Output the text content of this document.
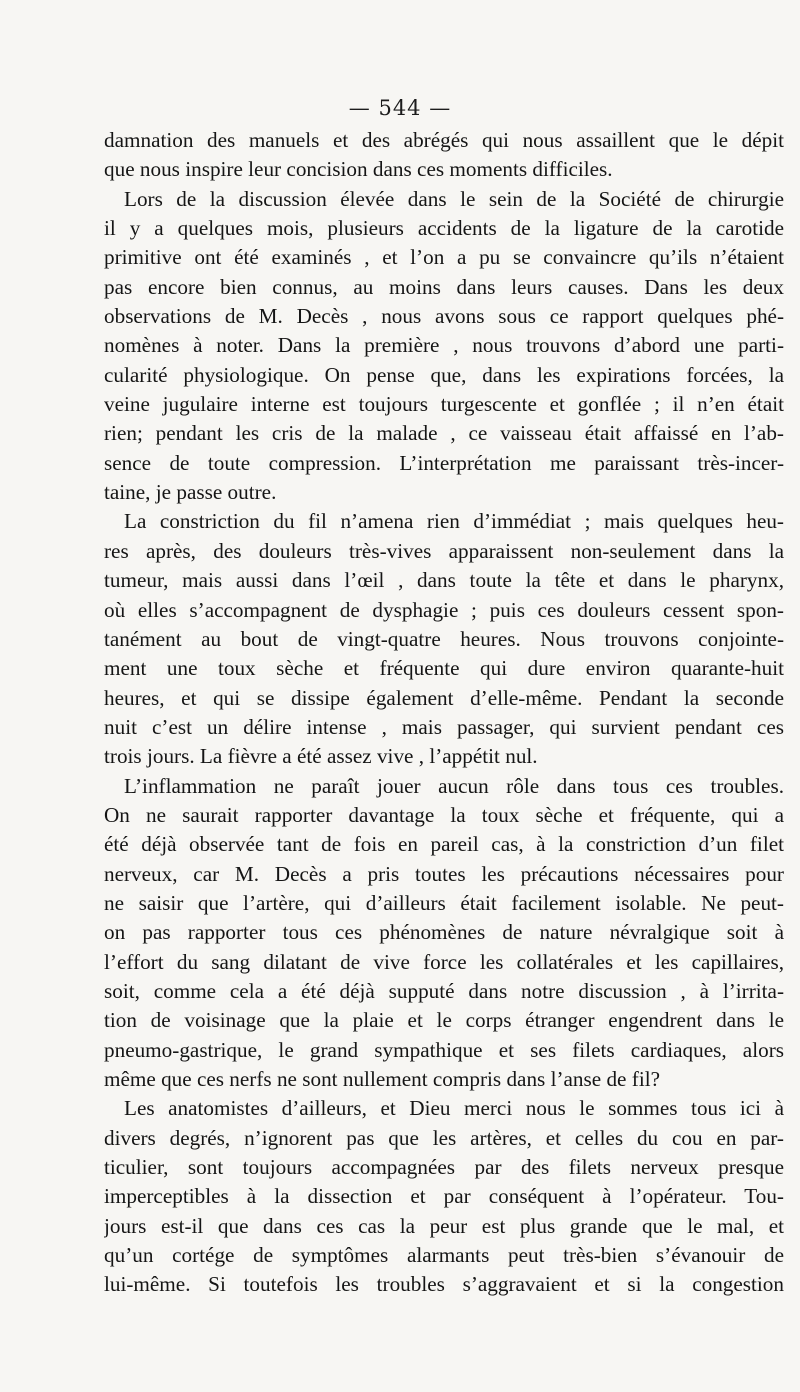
— 544 —
damnation des manuels et des abrégés qui nous assaillent que le dépit
que nous inspire leur concision dans ces moments difficiles.
Lors de la discussion élevée dans le sein de la Société de chirurgie
il y a quelques mois, plusieurs accidents de la ligature de la carotide
primitive ont été examinés , et l’on a pu se convaincre qu’ils n’étaient
pas encore bien connus, au moins dans leurs causes. Dans les deux
observations de M. Decès , nous avons sous ce rapport quelques phé-
nomènes à noter. Dans la première , nous trouvons d’abord une parti-
cularité physiologique. On pense que, dans les expirations forcées, la
veine jugulaire interne est toujours turgescente et gonflée ; il n’en était
rien; pendant les cris de la malade , ce vaisseau était affaissé en l’ab-
sence de toute compression. L’interprétation me paraissant très-incer-
taine, je passe outre.
La constriction du fil n’amena rien d’immédiat ; mais quelques heu-
res après, des douleurs très-vives apparaissent non-seulement dans la
tumeur, mais aussi dans l’œil , dans toute la tête et dans le pharynx,
où elles s’accompagnent de dysphagie ; puis ces douleurs cessent spon-
tanément au bout de vingt-quatre heures. Nous trouvons conjointe-
ment une toux sèche et fréquente qui dure environ quarante-huit
heures, et qui se dissipe également d’elle-même. Pendant la seconde
nuit c’est un délire intense , mais passager, qui survient pendant ces
trois jours. La fièvre a été assez vive , l’appétit nul.
L’inflammation ne paraît jouer aucun rôle dans tous ces troubles.
On ne saurait rapporter davantage la toux sèche et fréquente, qui a
été déjà observée tant de fois en pareil cas, à la constriction d’un filet
nerveux, car M. Decès a pris toutes les précautions nécessaires pour
ne saisir que l’artère, qui d’ailleurs était facilement isolable. Ne peut-
on pas rapporter tous ces phénomènes de nature névralgique soit à
l’effort du sang dilatant de vive force les collatérales et les capillaires,
soit, comme cela a été déjà supputé dans notre discussion , à l’irrita-
tion de voisinage que la plaie et le corps étranger engendrent dans le
pneumo-gastrique, le grand sympathique et ses filets cardiaques, alors
même que ces nerfs ne sont nullement compris dans l’anse de fil?
Les anatomistes d’ailleurs, et Dieu merci nous le sommes tous ici à
divers degrés, n’ignorent pas que les artères, et celles du cou en par-
ticulier, sont toujours accompagnées par des filets nerveux presque
imperceptibles à la dissection et par conséquent à l’opérateur. Tou-
jours est-il que dans ces cas la peur est plus grande que le mal, et
qu’un cortége de symptômes alarmants peut très-bien s’évanouir de
lui-même. Si toutefois les troubles s’aggravaient et si la congestion
